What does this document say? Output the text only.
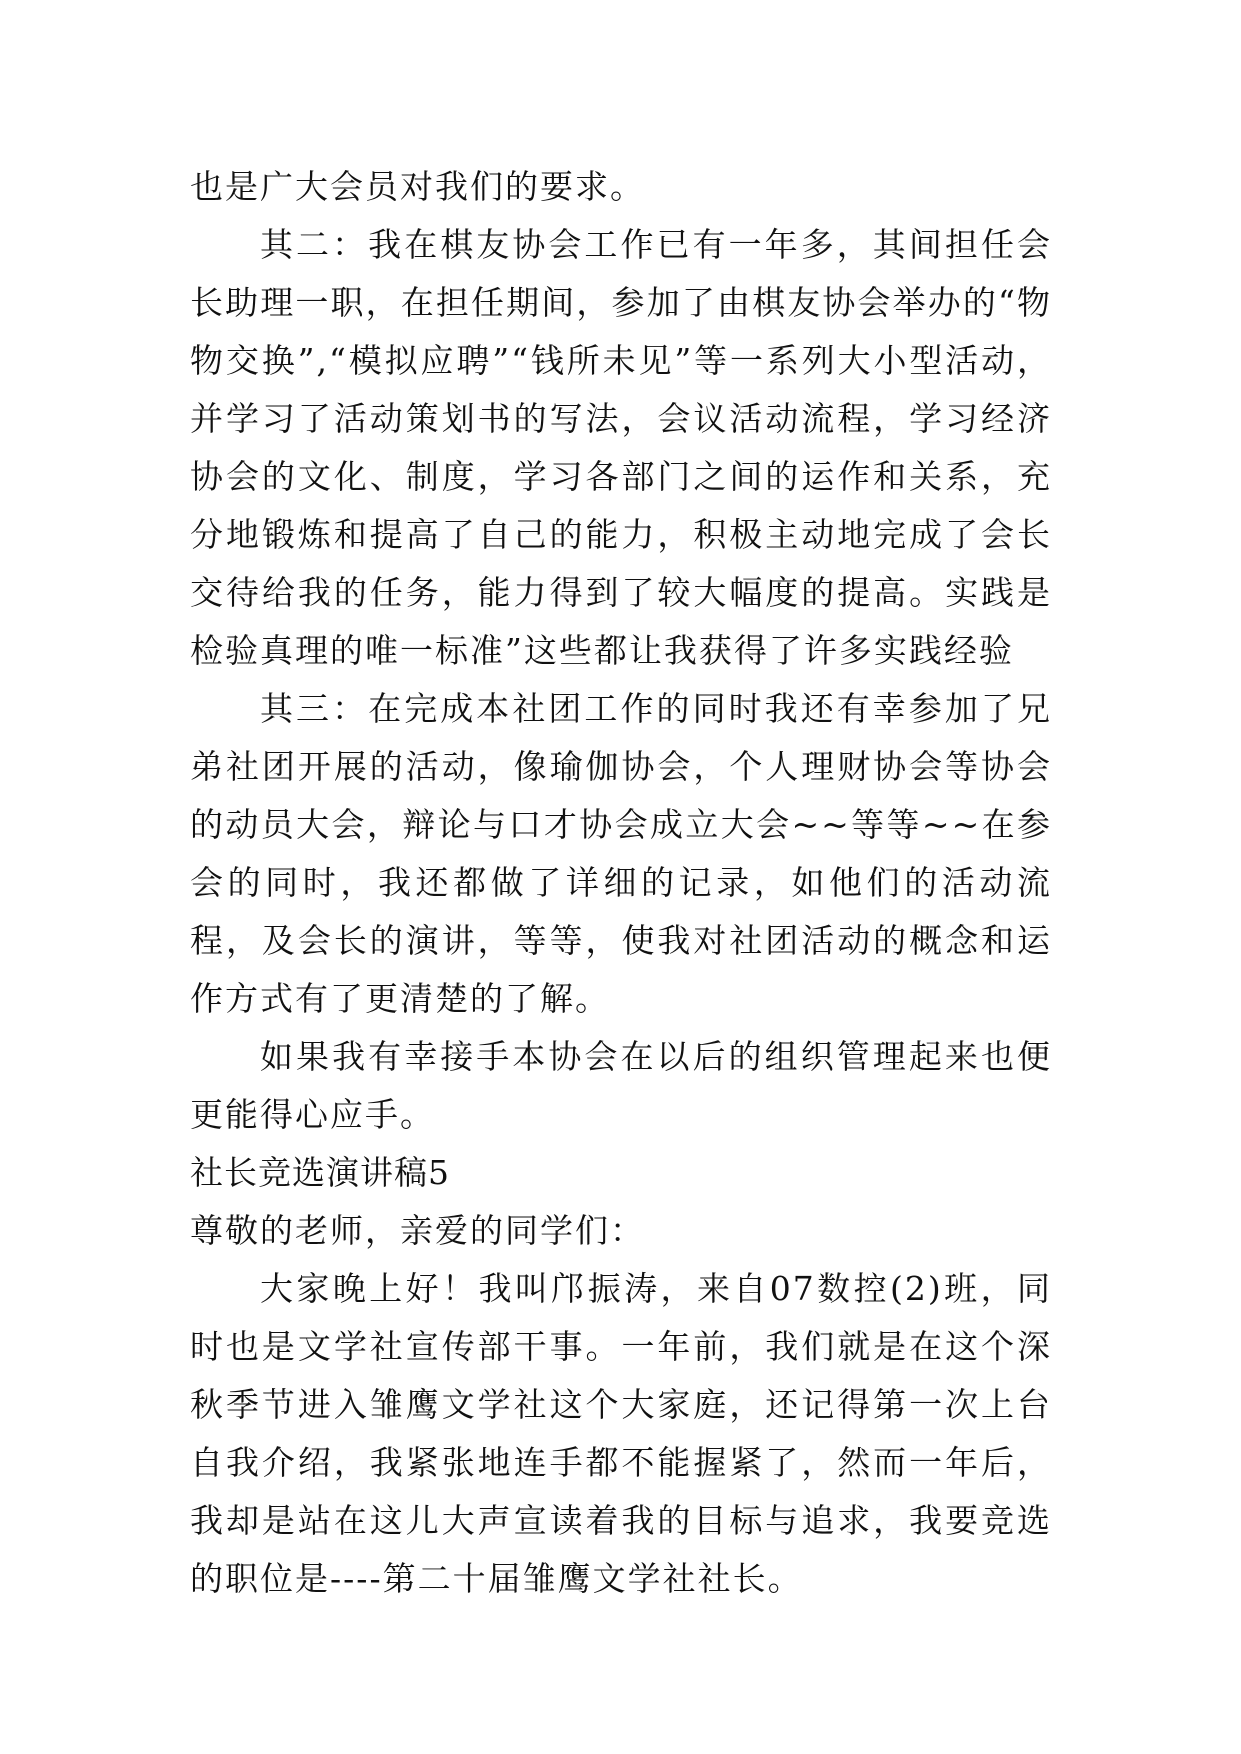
也是广大会员对我们的要求。

其二：我在棋友协会工作已有一年多，其间担任会长助理一职，在担任期间，参加了由棋友协会举办的“物物交换”,“模拟应聘”“钱所未见”等一系列大小型活动，并学习了活动策划书的写法，会议活动流程，学习经济协会的文化、制度，学习各部门之间的运作和关系，充分地锻炼和提高了自己的能力，积极主动地完成了会长交待给我的任务，能力得到了较大幅度的提高。实践是检验真理的唯一标准”这些都让我获得了许多实践经验

其三：在完成本社团工作的同时我还有幸参加了兄弟社团开展的活动，像瑜伽协会，个人理财协会等协会的动员大会，辩论与口才协会成立大会~~等等~~在参会的同时，我还都做了详细的记录，如他们的活动流程，及会长的演讲，等等，使我对社团活动的概念和运作方式有了更清楚的了解。

如果我有幸接手本协会在以后的组织管理起来也便更能得心应手。

社长竞选演讲稿5

尊敬的老师，亲爱的同学们：

大家晚上好！我叫邝振涛，来自07数控(2)班，同时也是文学社宣传部干事。一年前，我们就是在这个深秋季节进入雏鹰文学社这个大家庭，还记得第一次上台自我介绍，我紧张地连手都不能握紧了，然而一年后，我却是站在这儿大声宣读着我的目标与追求，我要竞选的职位是----第二十届雏鹰文学社社长。
